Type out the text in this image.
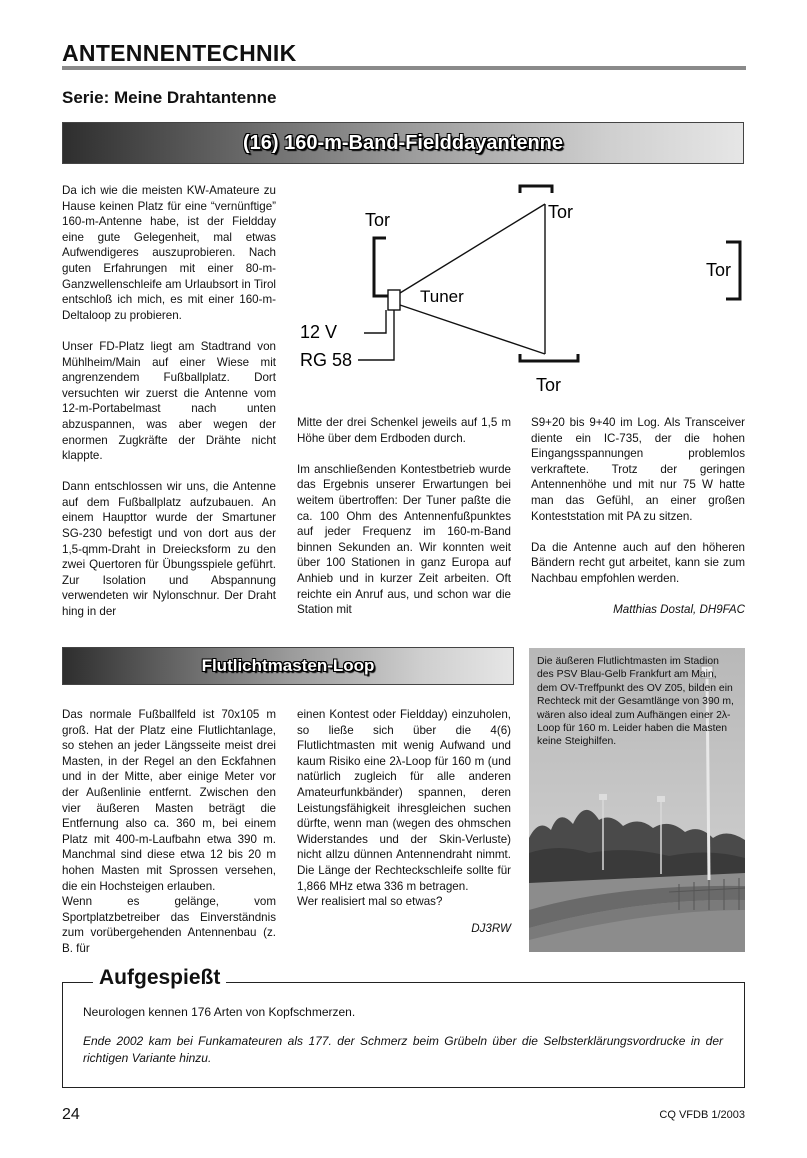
ANTENNENTECHNIK
Serie: Meine Drahtantenne
(16) 160-m-Band-Fielddayantenne

Da ich wie die meisten KW-Amateure zu Hause keinen Platz für eine “vernünftige” 160-m-Antenne habe, ist der Fieldday eine gute Gelegenheit, mal etwas Aufwendigeres auszuprobieren. Nach guten Erfahrungen mit einer 80-m-Ganzwellenschleife am Urlaubsort in Tirol entschloß ich mich, es mit einer 160-m-Deltaloop zu probieren.

Unser FD-Platz liegt am Stadtrand von Mühlheim/Main auf einer Wiese mit angrenzendem Fußballplatz. Dort versuchten wir zuerst die Antenne vom 12-m-Portabelmast nach unten abzuspannen, was aber wegen der enormen Zugkräfte der Drähte nicht klappte.

Dann entschlossen wir uns, die Antenne auf dem Fußballplatz aufzubauen. An einem Haupttor wurde der Smartuner SG-230 befestigt und von dort aus der 1,5-qmm-Draht in Dreiecksform zu den zwei Quertoren für Übungsspiele geführt. Zur Isolation und Abspannung verwendeten wir Nylonschnur. Der Draht hing in der

Mitte der drei Schenkel jeweils auf 1,5 m Höhe über dem Erdboden durch.

Im anschließenden Kontestbetrieb wurde das Ergebnis unserer Erwartungen bei weitem übertroffen: Der Tuner paßte die ca. 100 Ohm des Antennenfußpunktes auf jeder Frequenz im 160-m-Band binnen Sekunden an. Wir konnten weit über 100 Stationen in ganz Europa auf Anhieb und in kurzer Zeit arbeiten. Oft reichte ein Anruf aus, und schon war die Station mit

S9+20 bis 9+40 im Log. Als Transceiver diente ein IC-735, der die hohen Eingangsspannungen problemlos verkraftete. Trotz der geringen Antennenhöhe und mit nur 75 W hatte man das Gefühl, an einer großen Konteststation mit PA zu sitzen.

Da die Antenne auch auf den höheren Bändern recht gut arbeitet, kann sie zum Nachbau empfohlen werden.

Matthias Dostal, DH9FAC
Tor	Tor
Tor
Tor
Tuner
12 V
RG 58
Flutlichtmasten-Loop

Das normale Fußballfeld ist 70x105 m groß. Hat der Platz eine Flutlichtanlage, so stehen an jeder Längsseite meist drei Masten, in der Regel an den Eckfahnen und in der Mitte, aber einige Meter vor der Außenlinie entfernt. Zwischen den vier äußeren Masten beträgt die Entfernung also ca. 360 m, bei einem Platz mit 400-m-Laufbahn etwa 390 m. Manchmal sind diese etwa 12 bis 20 m hohen Masten mit Sprossen versehen, die ein Hochsteigen erlauben.

Wenn es gelänge, vom Sportplatzbetreiber das Einverständnis zum vorübergehenden Antennenbau (z. B. für

einen Kontest oder Fieldday) einzuholen, so ließe sich über die 4(6) Flutlichtmasten mit wenig Aufwand und kaum Risiko eine 2λ-Loop für 160 m (und natürlich zugleich für alle anderen Amateurfunkbänder) spannen, deren Leistungsfähigkeit ihresgleichen suchen dürfte, wenn man (wegen des ohmschen Widerstandes und der Skin-Verluste) nicht allzu dünnen Antennendraht nimmt. Die Länge der Rechteckschleife sollte für 1,866 MHz etwa 336 m betragen.

Wer realisiert mal so etwas?

DJ3RW
Die äußeren Flutlichtmasten im Stadion des PSV Blau-Gelb Frankfurt am Main, dem OV-Treffpunkt des OV Z05, bilden ein Rechteck mit der Gesamtlänge von 390 m, wären also ideal zum Aufhängen einer 2λ-Loop für 160 m. Leider haben die Masten keine Steighilfen.
Aufgespießt
Neurologen kennen 176 Arten von Kopfschmerzen.
Ende 2002 kam bei Funkamateuren als 177. der Schmerz beim Grübeln über die Selbsterklärungsvordrucke in der richtigen Variante hinzu.
24	CQ VFDB 1/2003
